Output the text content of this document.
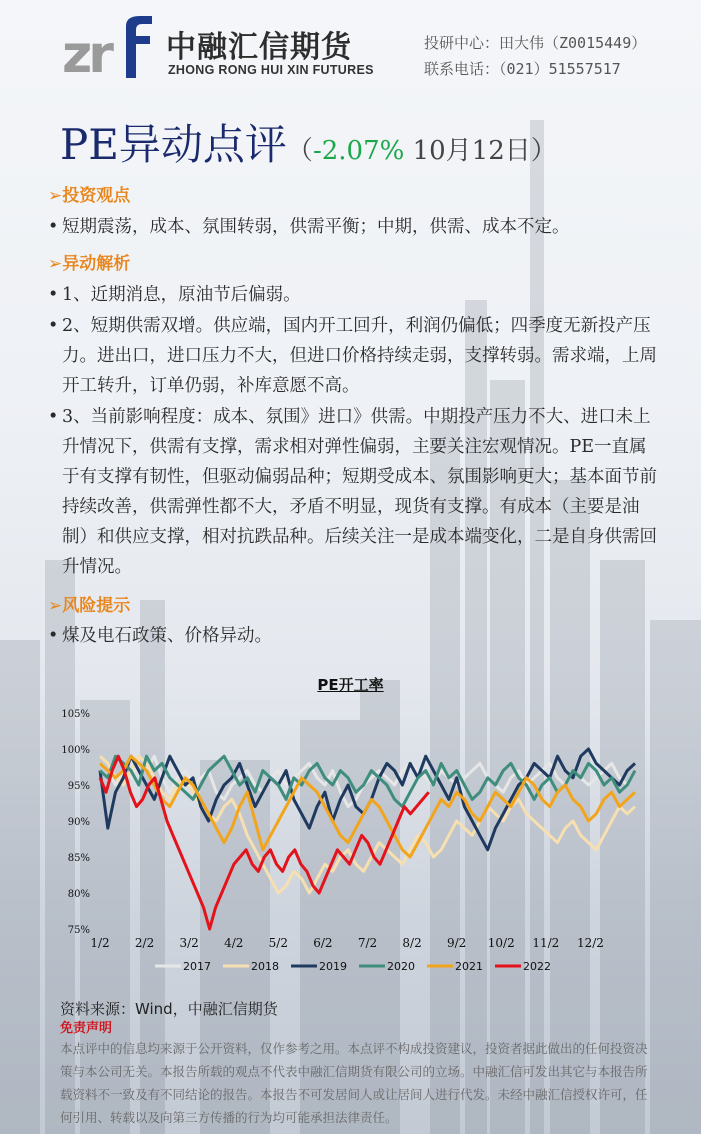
zr 中融汇信期货
ZHONG RONG HUI XIN FUTURES
投研中心：田大伟（Z0015449）
联系电话：（021）51557517
PE异动点评（-2.07% 10月12日）
➢投资观点
• 短期震荡，成本、氛围转弱，供需平衡；中期，供需、成本不定。
➢异动解析
• 1、近期消息，原油节后偏弱。
• 2、短期供需双增。供应端，国内开工回升，利润仍偏低；四季度无新投产压力。进出口，进口压力不大，但进口价格持续走弱，支撑转弱。需求端，上周开工转升，订单仍弱，补库意愿不高。
• 3、当前影响程度：成本、氛围》进口》供需。中期投产压力不大、进口未上升情况下，供需有支撑，需求相对弹性偏弱，主要关注宏观情况。PE一直属于有支撑有韧性，但驱动偏弱品种；短期受成本、氛围影响更大；基本面节前持续改善，供需弹性都不大，矛盾不明显，现货有支撑。有成本（主要是油制）和供应支撑，相对抗跌品种。后续关注一是成本端变化，二是自身供需回升情况。
➢风险提示
• 煤及电石政策、价格异动。
PE开工率
105%
100%
95%
90%
85%
80%
75%
1/2 2/2 3/2 4/2 5/2 6/2 7/2 8/2 9/2 10/2 11/2 12/2
2017	2018	2019	2020	2021	2022
资料来源：Wind，中融汇信期货
免责声明
本点评中的信息均来源于公开资料，仅作参考之用。本点评不构成投资建议，投资者据此做出的任何投资决策与本公司无关。本报告所载的观点不代表中融汇信期货有限公司的立场。中融汇信可发出其它与本报告所载资料不一致及有不同结论的报告。本报告不可发居间人或让居间人进行代发。未经中融汇信授权许可，任何引用、转载以及向第三方传播的行为均可能承担法律责任。
